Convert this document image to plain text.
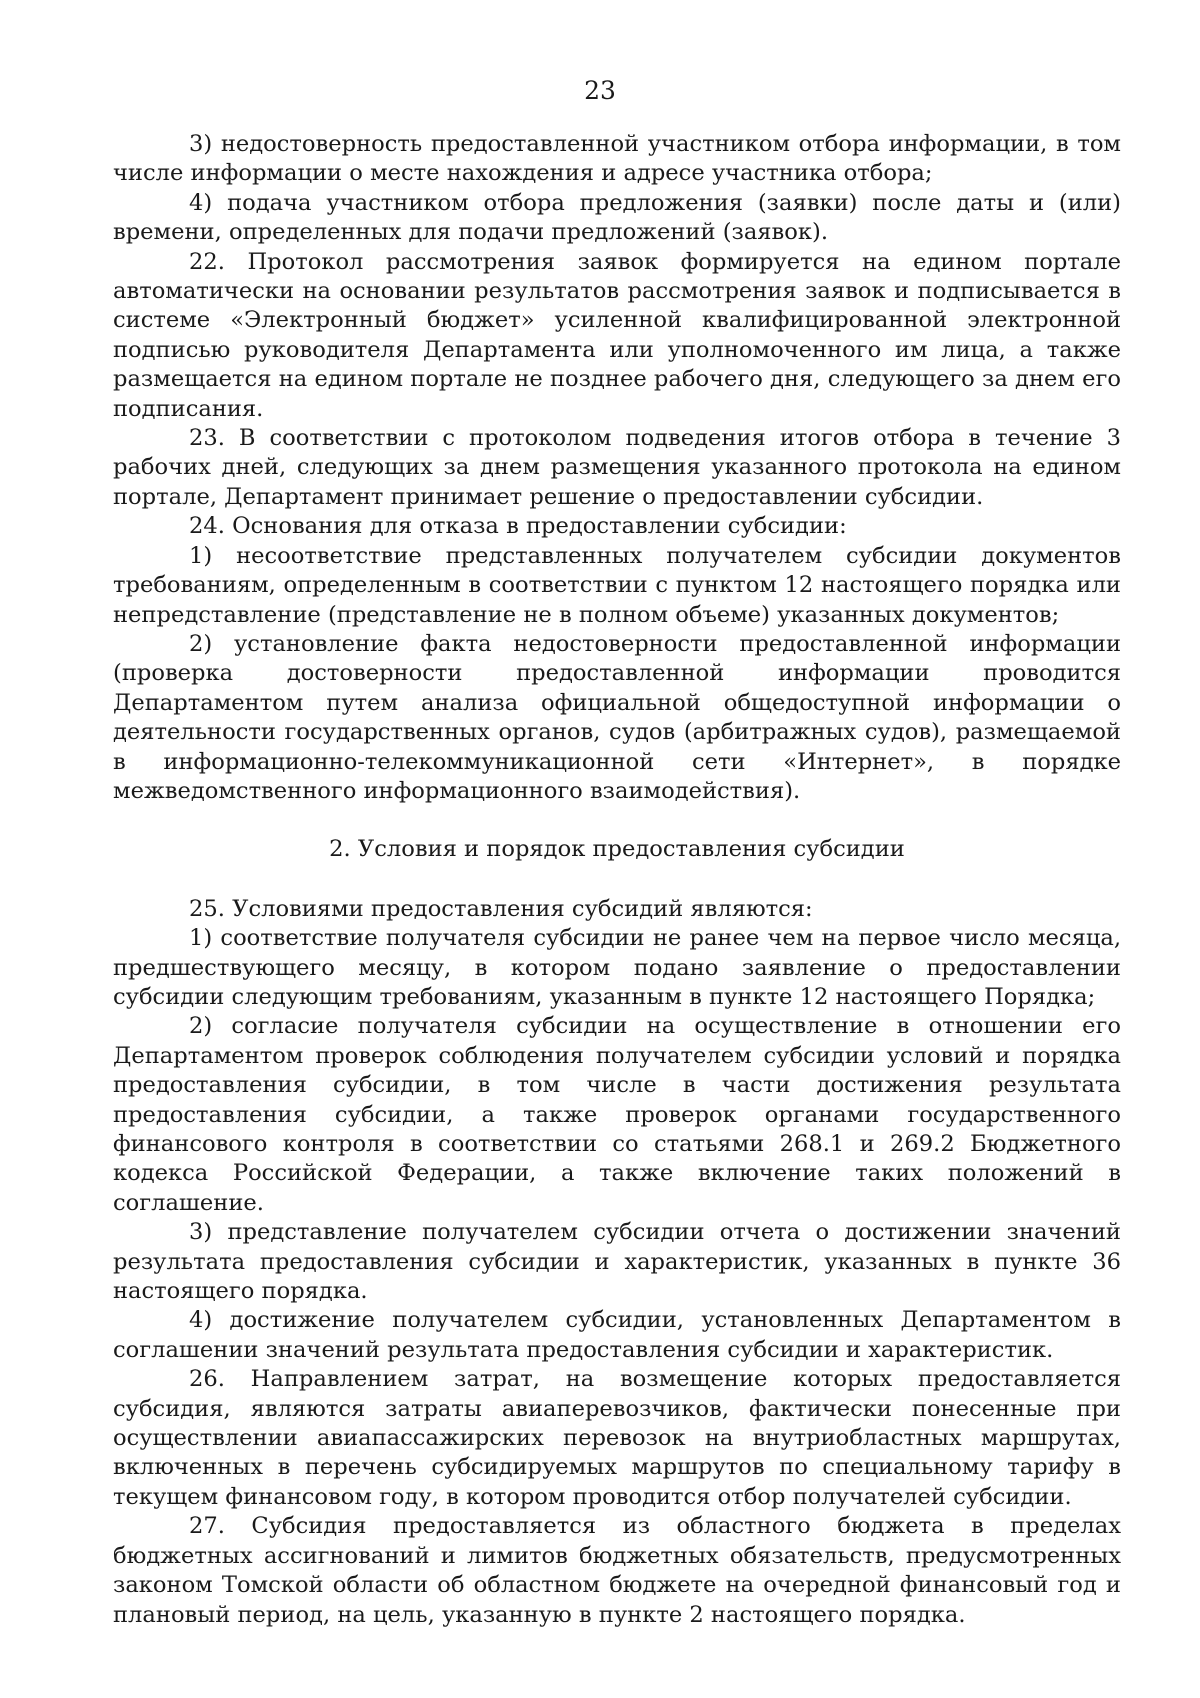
23

3) недостоверность предоставленной участником отбора информации, в том числе информации о месте нахождения и адресе участника отбора;

4) подача участником отбора предложения (заявки) после даты и (или) времени, определенных для подачи предложений (заявок).

22. Протокол рассмотрения заявок формируется на едином портале автоматически на основании результатов рассмотрения заявок и подписывается в системе «Электронный бюджет» усиленной квалифицированной электронной подписью руководителя Департамента или уполномоченного им лица, а также размещается на едином портале не позднее рабочего дня, следующего за днем его подписания.

23. В соответствии с протоколом подведения итогов отбора в течение 3 рабочих дней, следующих за днем размещения указанного протокола на едином портале, Департамент принимает решение о предоставлении субсидии.

24. Основания для отказа в предоставлении субсидии:

1) несоответствие представленных получателем субсидии документов требованиям, определенным в соответствии с пунктом 12 настоящего порядка или непредставление (представление не в полном объеме) указанных документов;

2) установление факта недостоверности предоставленной информации (проверка достоверности предоставленной информации проводится Департаментом путем анализа официальной общедоступной информации о деятельности государственных органов, судов (арбитражных судов), размещаемой в информационно-телекоммуникационной сети «Интернет», в порядке межведомственного информационного взаимодействия).

2. Условия и порядок предоставления субсидии

25. Условиями предоставления субсидий являются:

1) соответствие получателя субсидии не ранее чем на первое число месяца, предшествующего месяцу, в котором подано заявление о предоставлении субсидии следующим требованиям, указанным в пункте 12 настоящего Порядка;

2) согласие получателя субсидии на осуществление в отношении его Департаментом проверок соблюдения получателем субсидии условий и порядка предоставления субсидии, в том числе в части достижения результата предоставления субсидии, а также проверок органами государственного финансового контроля в соответствии со статьями 268.1 и 269.2 Бюджетного кодекса Российской Федерации, а также включение таких положений в соглашение.

3) представление получателем субсидии отчета о достижении значений результата предоставления субсидии и характеристик, указанных в пункте 36 настоящего порядка.

4) достижение получателем субсидии, установленных Департаментом в соглашении значений результата предоставления субсидии и характеристик.

26. Направлением затрат, на возмещение которых предоставляется субсидия, являются затраты авиаперевозчиков, фактически понесенные при осуществлении авиапассажирских перевозок на внутриобластных маршрутах, включенных в перечень субсидируемых маршрутов по специальному тарифу в текущем финансовом году, в котором проводится отбор получателей субсидии.

27. Субсидия предоставляется из областного бюджета в пределах бюджетных ассигнований и лимитов бюджетных обязательств, предусмотренных законом Томской области об областном бюджете на очередной финансовый год и плановый период, на цель, указанную в пункте 2 настоящего порядка.
